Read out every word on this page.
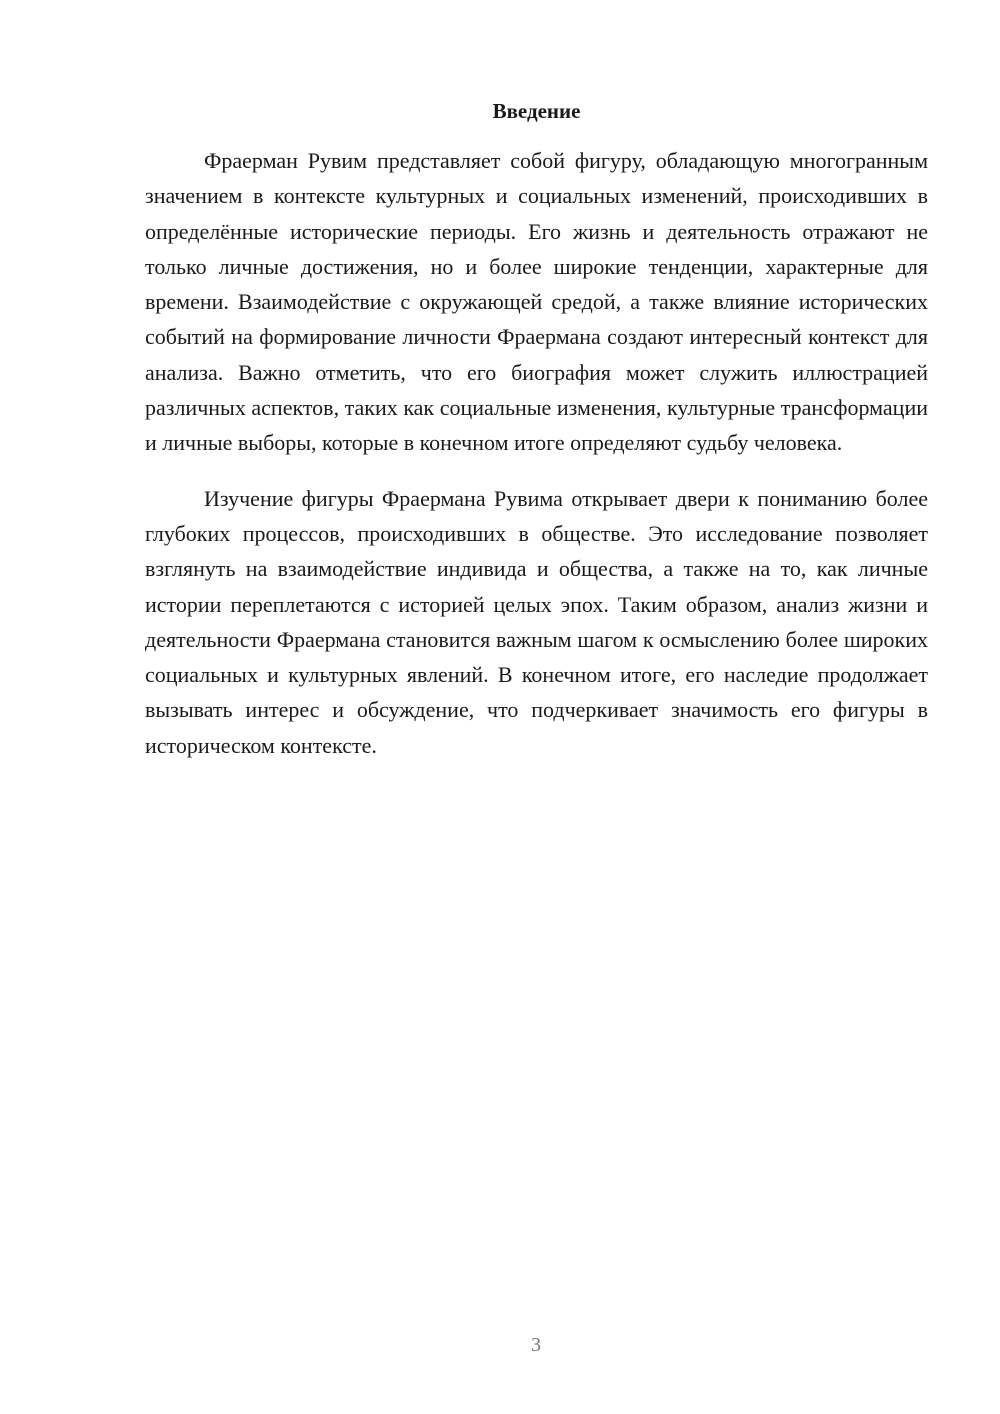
Введение

Фраерман Рувим представляет собой фигуру, обладающую многогранным значением в контексте культурных и социальных изменений, происходивших в определённые исторические периоды. Его жизнь и деятельность отражают не только личные достижения, но и более широкие тенденции, характерные для времени. Взаимодействие с окружающей средой, а также влияние исторических событий на формирование личности Фраермана создают интересный контекст для анализа. Важно отметить, что его биография может служить иллюстрацией различных аспектов, таких как социальные изменения, культурные трансформации и личные выборы, которые в конечном итоге определяют судьбу человека.

Изучение фигуры Фраермана Рувима открывает двери к пониманию более глубоких процессов, происходивших в обществе. Это исследование позволяет взглянуть на взаимодействие индивида и общества, а также на то, как личные истории переплетаются с историей целых эпох. Таким образом, анализ жизни и деятельности Фраермана становится важным шагом к осмыслению более широких социальных и культурных явлений. В конечном итоге, его наследие продолжает вызывать интерес и обсуждение, что подчеркивает значимость его фигуры в историческом контексте.

3
